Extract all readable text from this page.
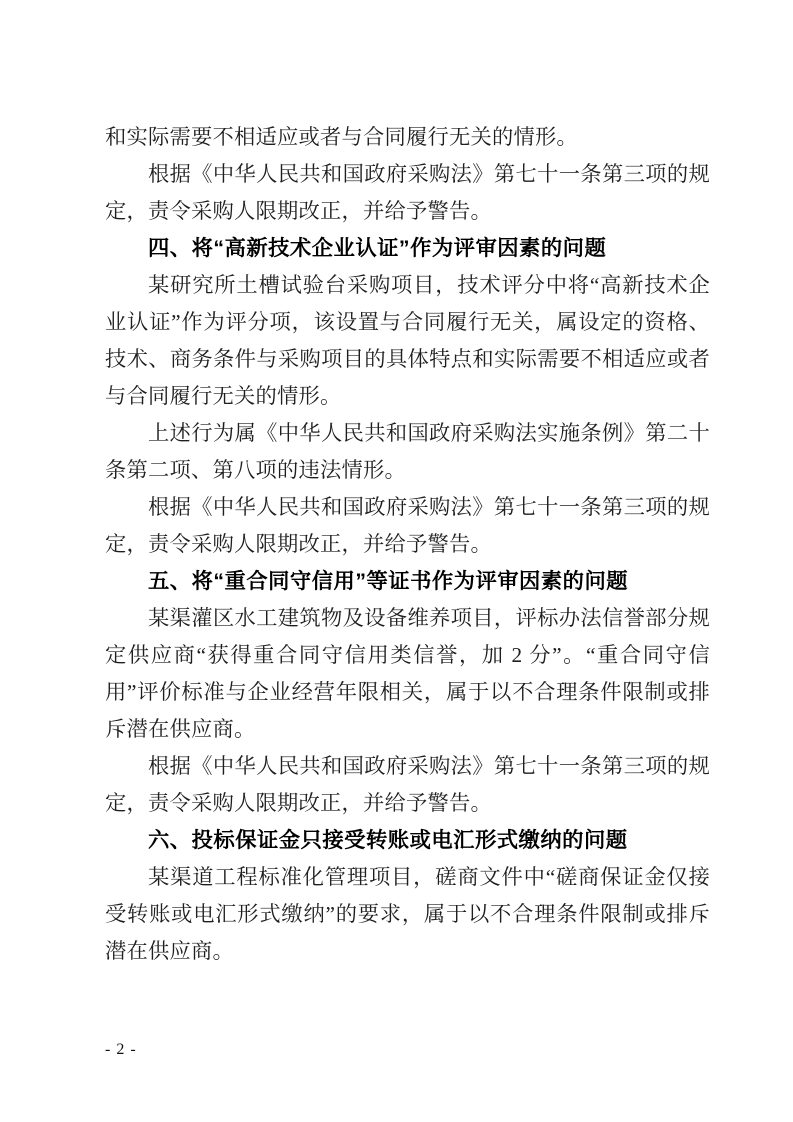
和实际需要不相适应或者与合同履行无关的情形。
根据《中华人民共和国政府采购法》第七十一条第三项的规
定，责令采购人限期改正，并给予警告。
四、将“高新技术企业认证”作为评审因素的问题
某研究所土槽试验台采购项目，技术评分中将“高新技术企
业认证”作为评分项，该设置与合同履行无关，属设定的资格、
技术、商务条件与采购项目的具体特点和实际需要不相适应或者
与合同履行无关的情形。
上述行为属《中华人民共和国政府采购法实施条例》第二十
条第二项、第八项的违法情形。
根据《中华人民共和国政府采购法》第七十一条第三项的规
定，责令采购人限期改正，并给予警告。
五、将“重合同守信用”等证书作为评审因素的问题
某渠灌区水工建筑物及设备维养项目，评标办法信誉部分规
定供应商“获得重合同守信用类信誉，加 2 分”。“重合同守信
用”评价标准与企业经营年限相关，属于以不合理条件限制或排
斥潜在供应商。
根据《中华人民共和国政府采购法》第七十一条第三项的规
定，责令采购人限期改正，并给予警告。
六、投标保证金只接受转账或电汇形式缴纳的问题
某渠道工程标准化管理项目，磋商文件中“磋商保证金仅接
受转账或电汇形式缴纳”的要求，属于以不合理条件限制或排斥
潜在供应商。
- 2 -
